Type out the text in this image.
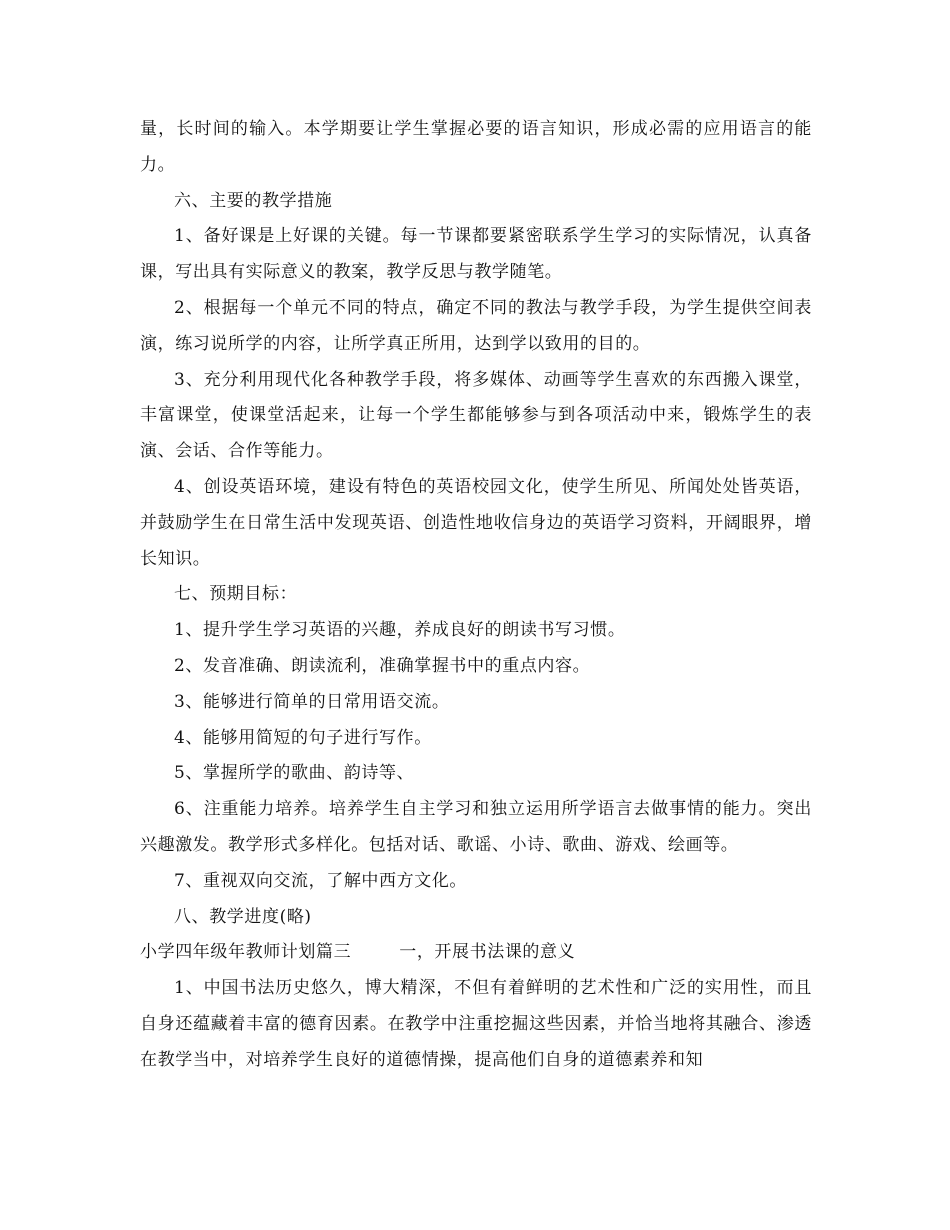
量，长时间的输入。本学期要让学生掌握必要的语言知识，形成必需的应用语言的能力。

六、主要的教学措施

1、备好课是上好课的关键。每一节课都要紧密联系学生学习的实际情况，认真备课，写出具有实际意义的教案，教学反思与教学随笔。

2、根据每一个单元不同的特点，确定不同的教法与教学手段，为学生提供空间表演，练习说所学的内容，让所学真正所用，达到学以致用的目的。

3、充分利用现代化各种教学手段，将多媒体、动画等学生喜欢的东西搬入课堂，丰富课堂，使课堂活起来，让每一个学生都能够参与到各项活动中来，锻炼学生的表演、会话、合作等能力。

4、创设英语环境，建设有特色的英语校园文化，使学生所见、所闻处处皆英语，并鼓励学生在日常生活中发现英语、创造性地收信身边的英语学习资料，开阔眼界，增长知识。

七、预期目标：

1、提升学生学习英语的兴趣，养成良好的朗读书写习惯。

2、发音准确、朗读流利，准确掌握书中的重点内容。

3、能够进行简单的日常用语交流。

4、能够用简短的句子进行写作。

5、掌握所学的歌曲、韵诗等、

6、注重能力培养。培养学生自主学习和独立运用所学语言去做事情的能力。突出兴趣激发。教学形式多样化。包括对话、歌谣、小诗、歌曲、游戏、绘画等。

7、重视双向交流，了解中西方文化。

八、教学进度(略)

小学四年级年教师计划篇三	一，开展书法课的意义

1、中国书法历史悠久，博大精深，不但有着鲜明的艺术性和广泛的实用性，而且自身还蕴藏着丰富的德育因素。在教学中注重挖掘这些因素，并恰当地将其融合、渗透在教学当中，对培养学生良好的道德情操，提高他们自身的道德素养和知
